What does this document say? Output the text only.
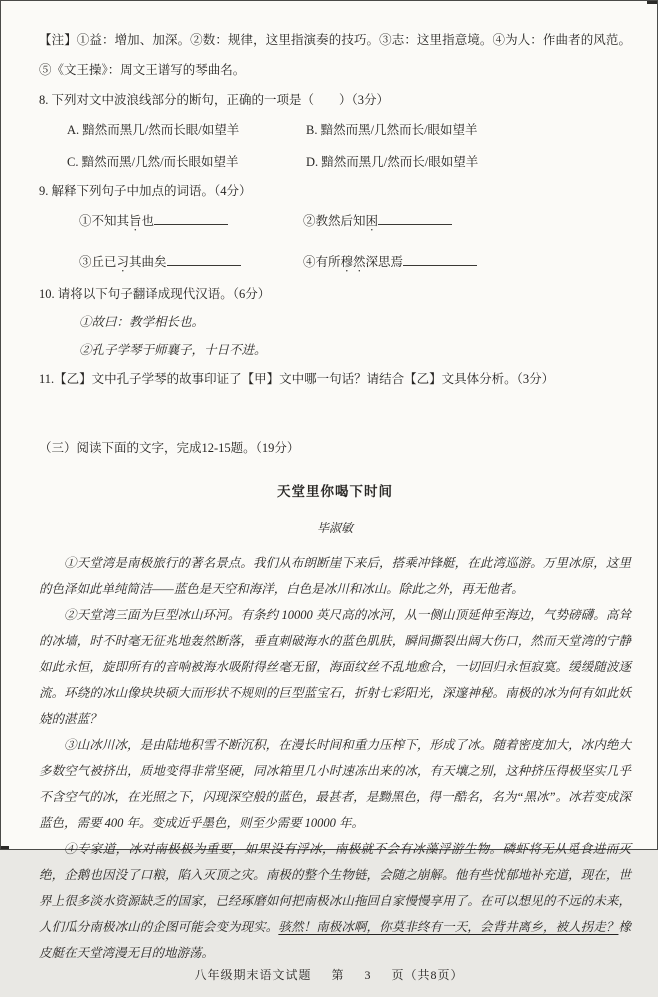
【注】①益：增加、加深。②数：规律，这里指演奏的技巧。③志：这里指意境。④为人：作曲者的风范。⑤《文王操》：周文王谱写的琴曲名。
8. 下列对文中波浪线部分的断句，正确的一项是（　　）（3分）
A. 黯然而黑几/然而长眼/如望羊	B. 黯然而黑/几然而长/眼如望羊
C. 黯然而黑/几然/而长眼如望羊	D. 黯然而黑几/然而长/眼如望羊
9. 解释下列句子中加点的词语。（4分）
①不知其旨也	②教然后知困
③丘已习其曲矣	④有所穆然深思焉
10. 请将以下句子翻译成现代汉语。（6分）
①故曰：教学相长也。
②孔子学琴于师襄子，十日不进。
11.【乙】文中孔子学琴的故事印证了【甲】文中哪一句话？请结合【乙】文具体分析。（3分）
（三）阅读下面的文字，完成12-15题。（19分）
天堂里你喝下时间
毕淑敏

①天堂湾是南极旅行的著名景点。我们从布朗断崖下来后，搭乘冲锋艇，在此湾巡游。万里冰原，这里的色泽如此单纯简洁——蓝色是天空和海洋，白色是冰川和冰山。除此之外，再无他者。

②天堂湾三面为巨型冰山环河。有条约 10000 英尺高的冰河，从一侧山顶延伸至海边，气势磅礴。高耸的冰墙，时不时毫无征兆地轰然断落，垂直刺破海水的蓝色肌肤，瞬间撕裂出阔大伤口，然而天堂湾的宁静如此永恒，旋即所有的音响被海水吸附得丝毫无留，海面纹丝不乱地愈合，一切回归永恒寂寞。缓缓随波逐流。环绕的冰山像块块硕大而形状不规则的巨型蓝宝石，折射七彩阳光，深邃神秘。南极的冰为何有如此妖娆的湛蓝？

③山冰川冰，是由陆地积雪不断沉积，在漫长时间和重力压榨下，形成了冰。随着密度加大，冰内绝大多数空气被挤出，质地变得非常坚硬，同冰箱里几小时速冻出来的冰，有天壤之别，这种挤压得极坚实几乎不含空气的冰，在光照之下，闪现深空般的蓝色，最甚者，是黝黑色，得一酷名，名为“黑冰”。冰若变成深蓝色，需要 400 年。变成近乎墨色，则至少需要 10000 年。

④专家道，冰对南极极为重要，如果没有浮冰，南极就不会有冰藻浮游生物。磷虾将无从觅食进而灭绝，企鹅也因没了口粮，陷入灭顶之灾。南极的整个生物链，会随之崩解。他有些忧郁地补充道，现在，世界上很多淡水资源缺乏的国家，已经琢磨如何把南极冰山拖回自家慢慢享用了。在可以想见的不远的未来，人们瓜分南极冰山的企图可能会变为现实。骇然！南极冰啊，你莫非终有一天，会背井离乡，被人拐走？橡皮艇在天堂湾漫无目的地游荡。

八年级期末语文试题 第 3 页（共8页）
